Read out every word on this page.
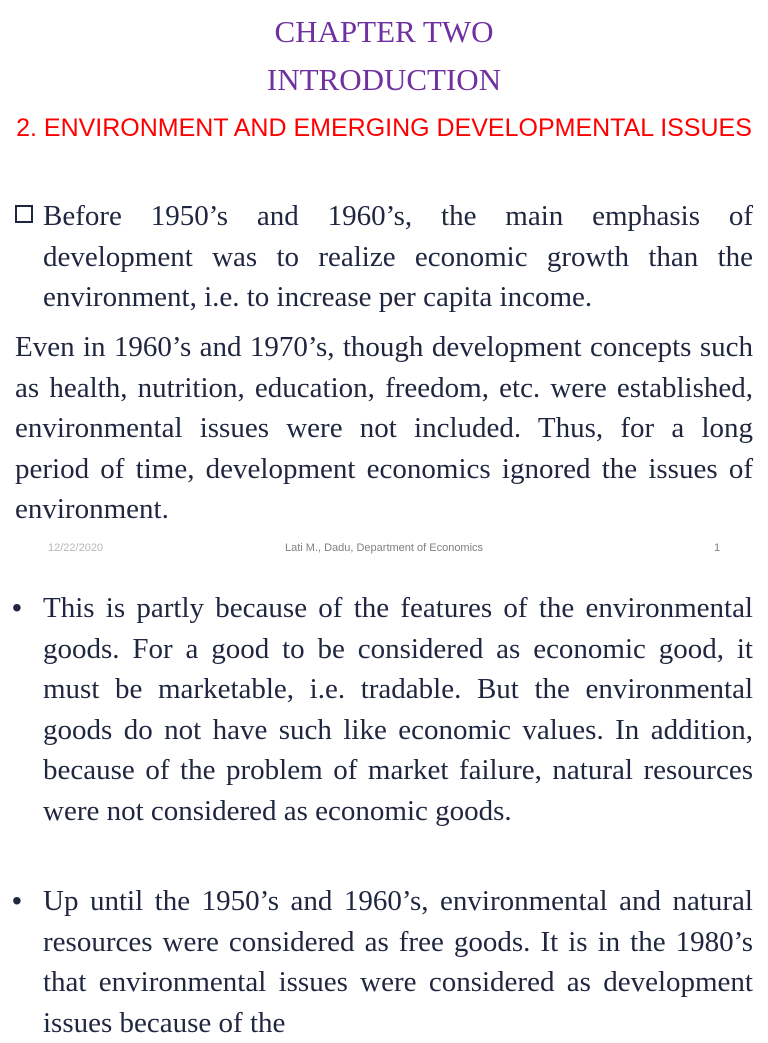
CHAPTER TWO
INTRODUCTION
2. ENVIRONMENT AND EMERGING DEVELOPMENTAL ISSUES
Before 1950’s and 1960’s, the main emphasis of development was to realize economic growth than the environment, i.e. to increase per capita income.
Even in 1960’s and 1970’s, though development concepts such as health, nutrition, education, freedom, etc. were established, environmental issues were not included. Thus, for a long period of time, development economics ignored the issues of environment.
12/22/2020	Lati M., Dadu, Department of Economics	1
• This is partly because of the features of the environmental goods. For a good to be considered as economic good, it must be marketable, i.e. tradable. But the environmental goods do not have such like economic values. In addition, because of the problem of market failure, natural resources were not considered as economic goods.
• Up until the 1950’s and 1960’s, environmental and natural resources were considered as free goods. It is in the 1980’s that environmental issues were considered as development issues because of the
